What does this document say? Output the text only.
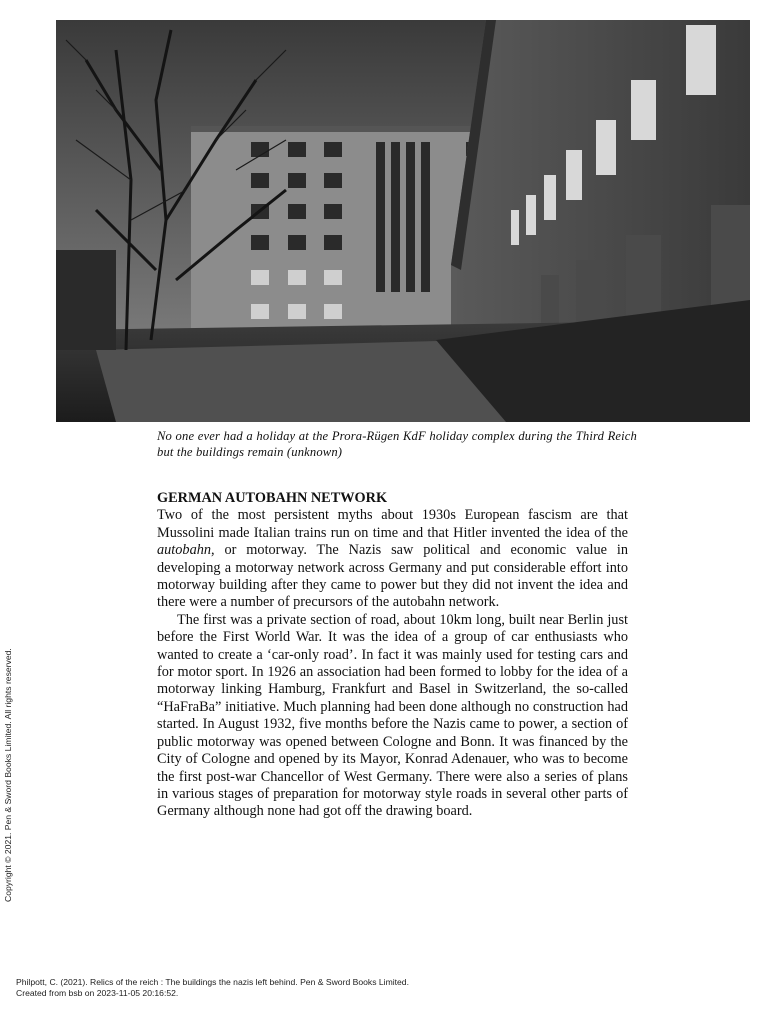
No one ever had a holiday at the Prora-Rügen KdF holiday complex during the Third Reich but the buildings remain (unknown)

GERMAN AUTOBAHN NETWORK

Two of the most persistent myths about 1930s European fascism are that Mussolini made Italian trains run on time and that Hitler invented the idea of the autobahn, or motorway. The Nazis saw political and economic value in developing a motorway network across Germany and put considerable effort into motorway building after they came to power but they did not invent the idea and there were a number of precursors of the autobahn network.

The first was a private section of road, about 10km long, built near Berlin just before the First World War. It was the idea of a group of car enthusiasts who wanted to create a ‘car-only road’. In fact it was mainly used for testing cars and for motor sport. In 1926 an association had been formed to lobby for the idea of a motorway linking Hamburg, Frankfurt and Basel in Switzerland, the so-called “HaFraBa” initiative. Much planning had been done although no construction had started. In August 1932, five months before the Nazis came to power, a section of public motorway was opened between Cologne and Bonn. It was financed by the City of Cologne and opened by its Mayor, Konrad Adenauer, who was to become the first post-war Chancellor of West Germany. There were also a series of plans in various stages of preparation for motorway style roads in several other parts of Germany although none had got off the drawing board.

Copyright © 2021. Pen & Sword Books Limited. All rights reserved.
Philpott, C. (2021). Relics of the reich : The buildings the nazis left behind. Pen & Sword Books Limited.
Created from bsb on 2023-11-05 20:16:52.
